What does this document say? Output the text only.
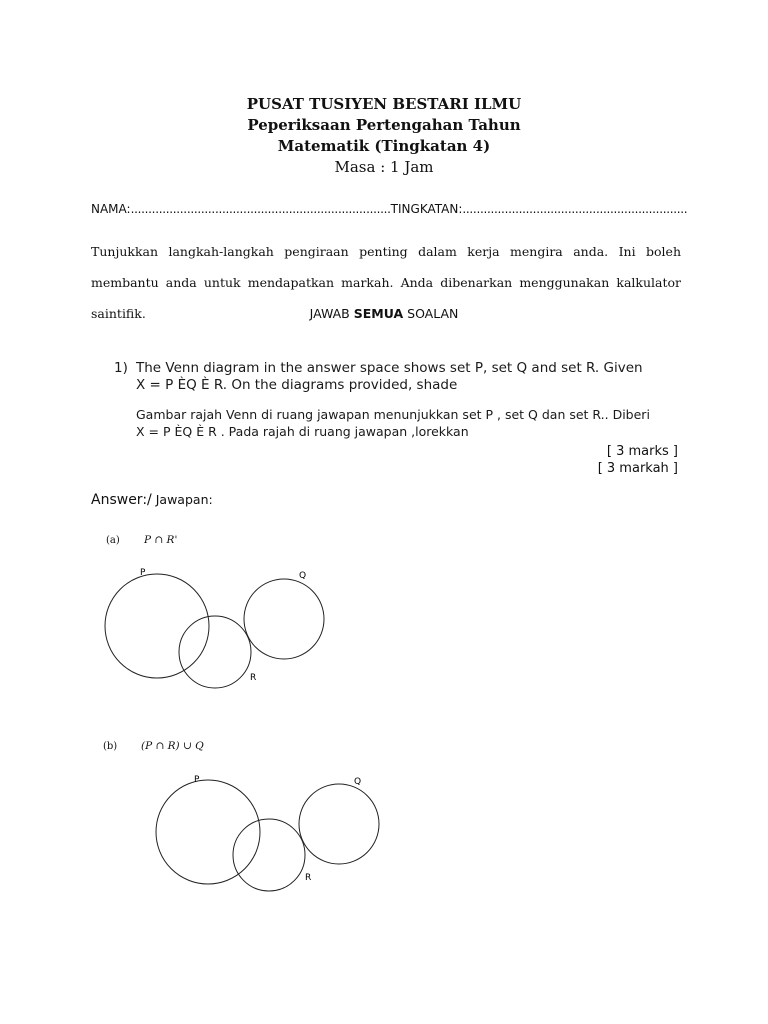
PUSAT TUSIYEN BESTARI ILMU
Peperiksaan Pertengahan Tahun
Matematik (Tingkatan 4)
Masa : 1 Jam
NAMA:..........................................................................TINGKATAN:................................................................
Tunjukkan langkah-langkah pengiraan penting dalam kerja mengira anda. Ini boleh membantu anda untuk mendapatkan markah. Anda dibenarkan menggunakan kalkulator saintifik.	JAWAB SEMUA SOALAN
1) The Venn diagram in the answer space shows set P, set Q and set R. Given
X = P ÈQ È R. On the diagrams provided, shade
Gambar rajah Venn di ruang jawapan menunjukkan set P , set Q dan set R.. Diberi
X = P ÈQ È R . Pada rajah di ruang jawapan ,lorekkan
[ 3 marks ]
[ 3 markah ]
Answer:/ Jawapan:
(a) P ∩ R'
(b) (P ∩ R) ∪ Q
P	Q
R
P	Q
R
